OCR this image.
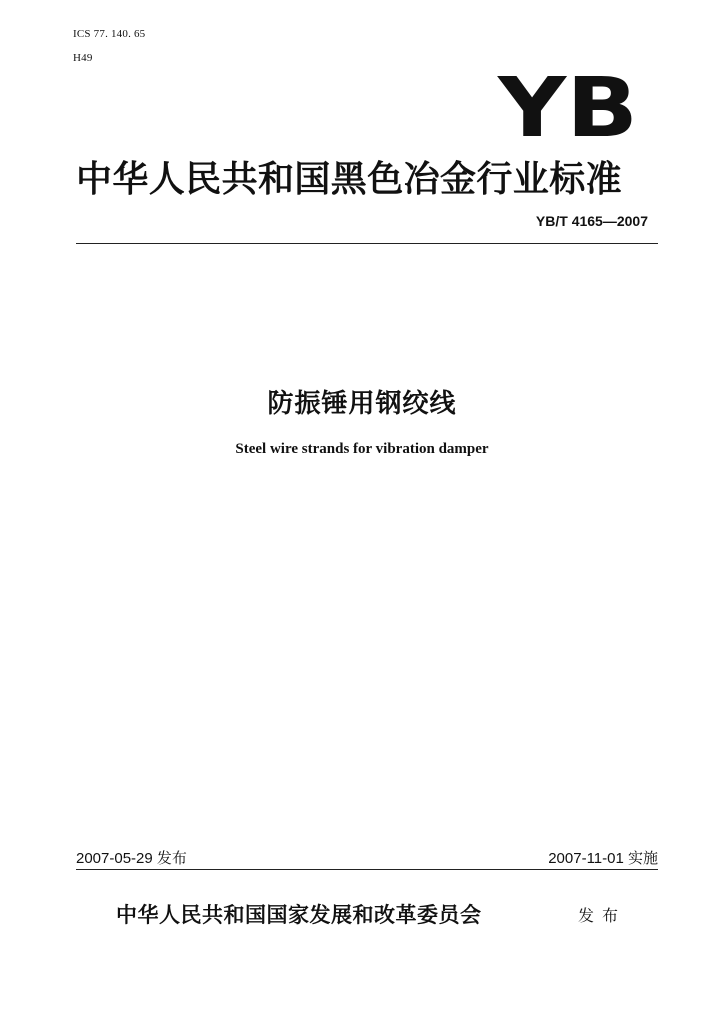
ICS 77. 140. 65
H49
YB
中华人民共和国黑色冶金行业标准
YB/T 4165—2007
防振锤用钢绞线
Steel wire strands for vibration damper
2007-05-29 发布	2007-11-01 实施
中华人民共和国国家发展和改革委员会	发布
